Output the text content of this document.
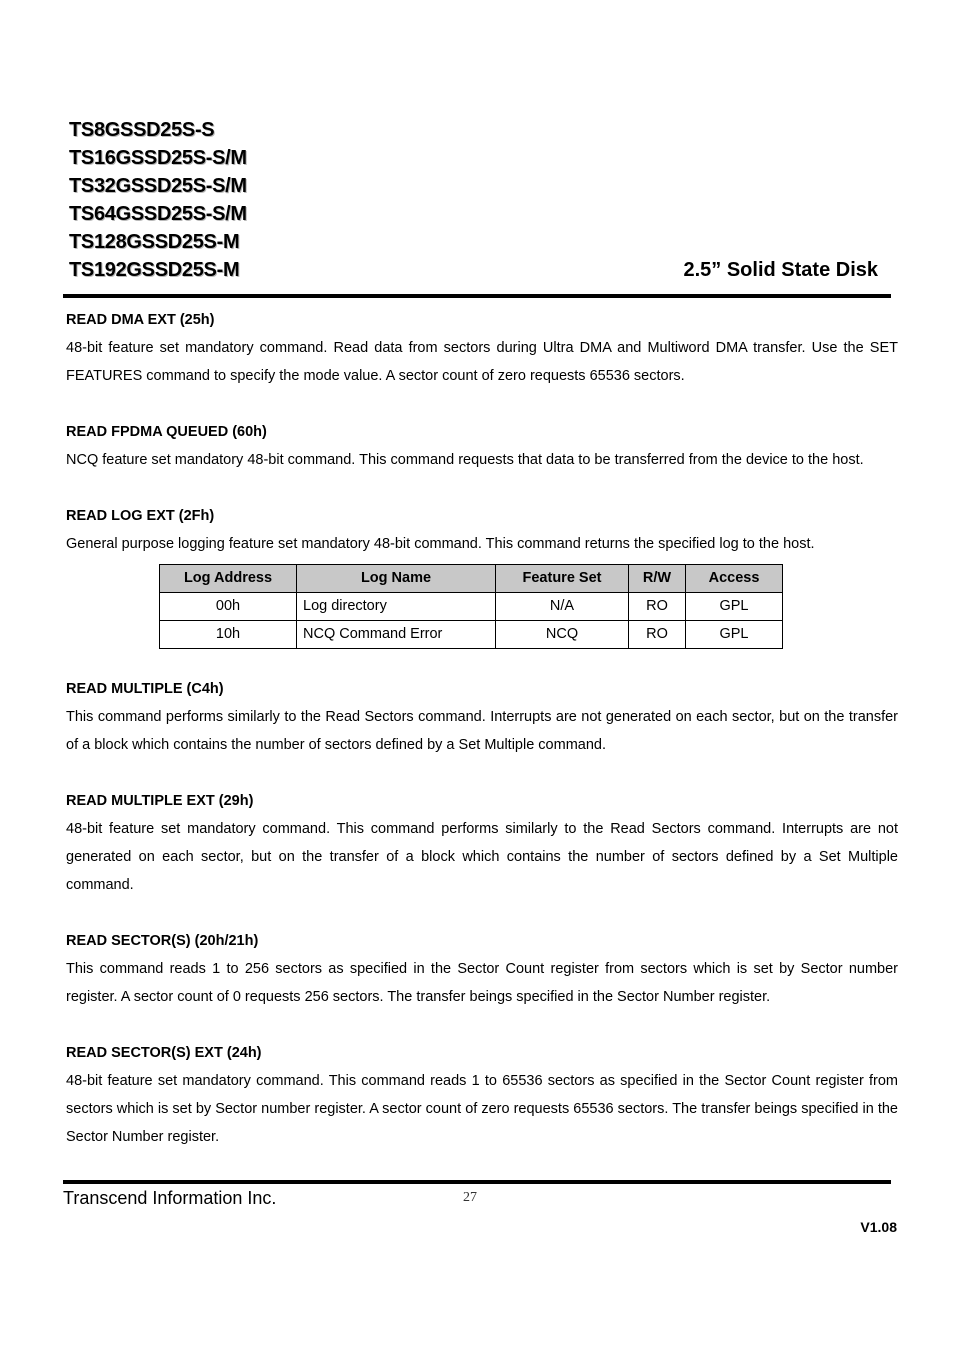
TS8GSSD25S-S
TS16GSSD25S-S/M
TS32GSSD25S-S/M
TS64GSSD25S-S/M
TS128GSSD25S-M
TS192GSSD25S-M	2.5” Solid State Disk
READ DMA EXT (25h)

48-bit feature set mandatory command. Read data from sectors during Ultra DMA and Multiword DMA transfer. Use the SET FEATURES command to specify the mode value. A sector count of zero requests 65536 sectors.

READ FPDMA QUEUED (60h)

NCQ feature set mandatory 48-bit command. This command requests that data to be transferred from the device to the host.

READ LOG EXT (2Fh)

General purpose logging feature set mandatory 48-bit command. This command returns the specified log to the host.

Log Address	Log Name	Feature Set	R/W	Access
00h	Log directory	N/A	RO	GPL
10h	NCQ Command Error	NCQ	RO	GPL
READ MULTIPLE (C4h)

This command performs similarly to the Read Sectors command. Interrupts are not generated on each sector, but on the transfer of a block which contains the number of sectors defined by a Set Multiple command.

READ MULTIPLE EXT (29h)

48-bit feature set mandatory command. This command performs similarly to the Read Sectors command. Interrupts are not generated on each sector, but on the transfer of a block which contains the number of sectors defined by a Set Multiple command.

READ SECTOR(S) (20h/21h)

This command reads 1 to 256 sectors as specified in the Sector Count register from sectors which is set by Sector number register. A sector count of 0 requests 256 sectors. The transfer beings specified in the Sector Number register.

READ SECTOR(S) EXT (24h)

48-bit feature set mandatory command. This command reads 1 to 65536 sectors as specified in the Sector Count register from sectors which is set by Sector number register. A sector count of zero requests 65536 sectors. The transfer beings specified in the Sector Number register.

Transcend Information Inc.	27
V1.08
